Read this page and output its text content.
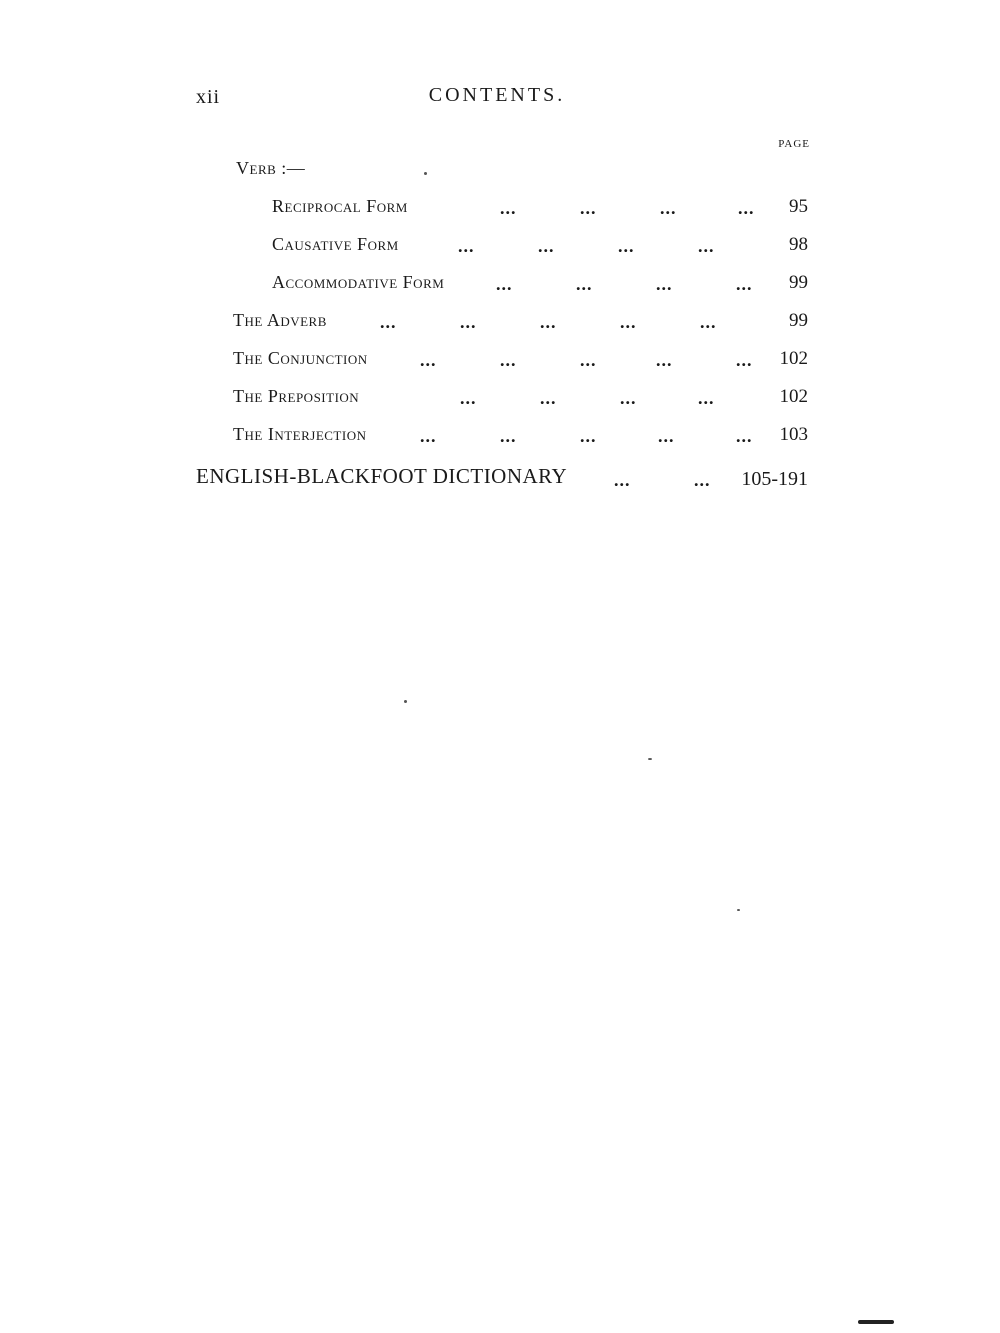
xii	CONTENTS.
PAGE
Verb :—
Reciprocal Form	...	...	...	... 95
Causative Form	...	...	...	...	98
Accommodative Form	...	...	...	... 99
The Adverb	...	...	...	...	...	99
The Conjunction	...	...	...	...	... 102
The Preposition	...	...	...	...	102
The Interjection	...	...	...	...	... 103
ENGLISH-BLACKFOOT DICTIONARY	...	... 105-191
